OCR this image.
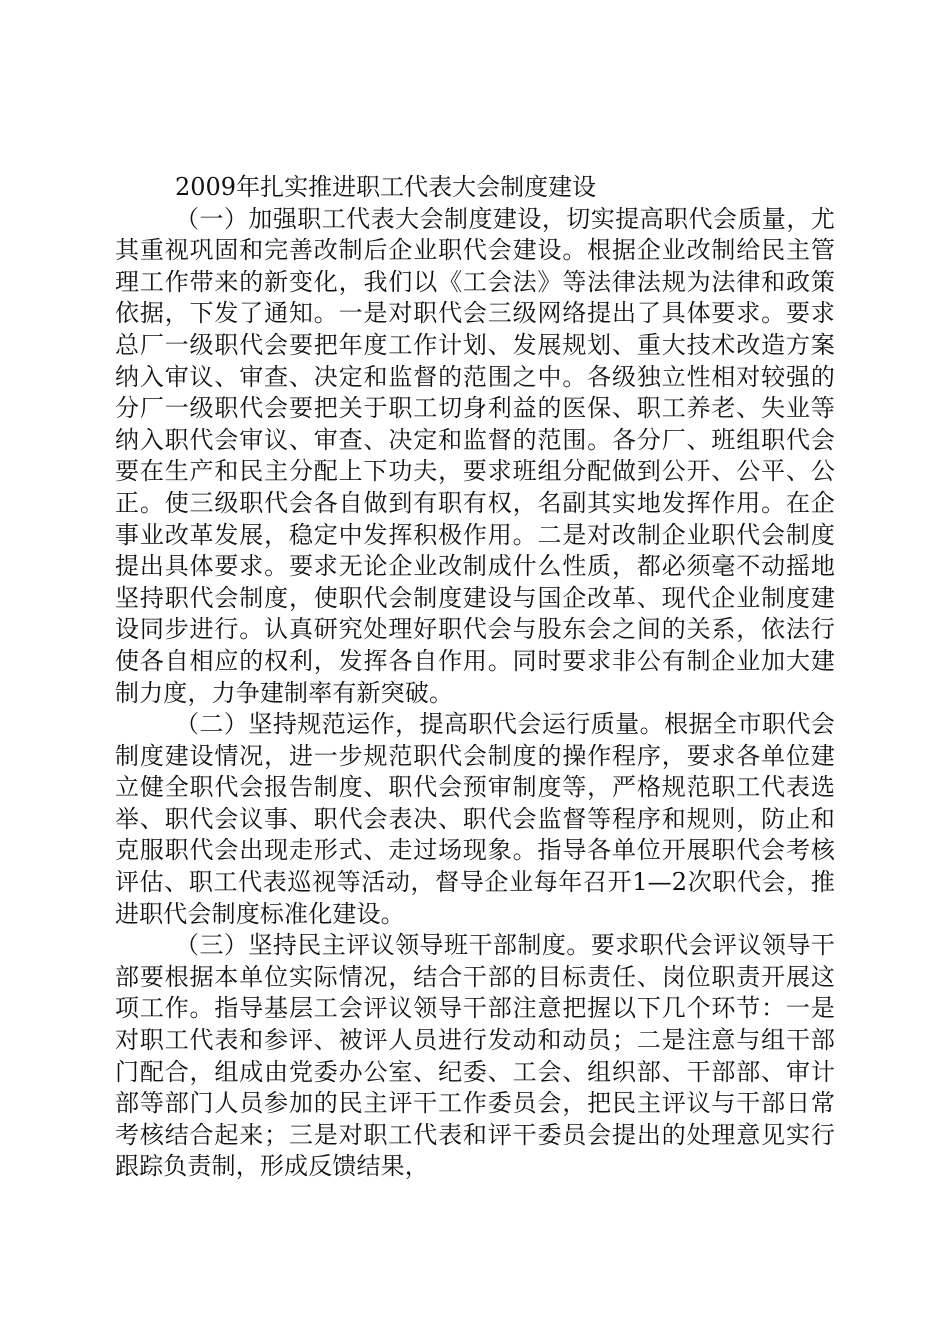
2009年扎实推进职工代表大会制度建设

（一）加强职工代表大会制度建设，切实提高职代会质量，尤其重视巩固和完善改制后企业职代会建设。根据企业改制给民主管理工作带来的新变化，我们以《工会法》等法律法规为法律和政策依据，下发了通知。一是对职代会三级网络提出了具体要求。要求总厂一级职代会要把年度工作计划、发展规划、重大技术改造方案纳入审议、审查、决定和监督的范围之中。各级独立性相对较强的分厂一级职代会要把关于职工切身利益的医保、职工养老、失业等纳入职代会审议、审查、决定和监督的范围。各分厂、班组职代会要在生产和民主分配上下功夫，要求班组分配做到公开、公平、公正。使三级职代会各自做到有职有权，名副其实地发挥作用。在企事业改革发展，稳定中发挥积极作用。二是对改制企业职代会制度提出具体要求。要求无论企业改制成什么性质，都必须毫不动摇地坚持职代会制度，使职代会制度建设与国企改革、现代企业制度建设同步进行。认真研究处理好职代会与股东会之间的关系，依法行使各自相应的权利，发挥各自作用。同时要求非公有制企业加大建制力度，力争建制率有新突破。

（二）坚持规范运作，提高职代会运行质量。根据全市职代会制度建设情况，进一步规范职代会制度的操作程序，要求各单位建立健全职代会报告制度、职代会预审制度等，严格规范职工代表选举、职代会议事、职代会表决、职代会监督等程序和规则，防止和克服职代会出现走形式、走过场现象。指导各单位开展职代会考核评估、职工代表巡视等活动，督导企业每年召开1—2次职代会，推进职代会制度标准化建设。

（三）坚持民主评议领导班干部制度。要求职代会评议领导干部要根据本单位实际情况，结合干部的目标责任、岗位职责开展这项工作。指导基层工会评议领导干部注意把握以下几个环节：一是对职工代表和参评、被评人员进行发动和动员；二是注意与组干部门配合，组成由党委办公室、纪委、工会、组织部、干部部、审计部等部门人员参加的民主评干工作委员会，把民主评议与干部日常考核结合起来；三是对职工代表和评干委员会提出的处理意见实行跟踪负责制，形成反馈结果，
